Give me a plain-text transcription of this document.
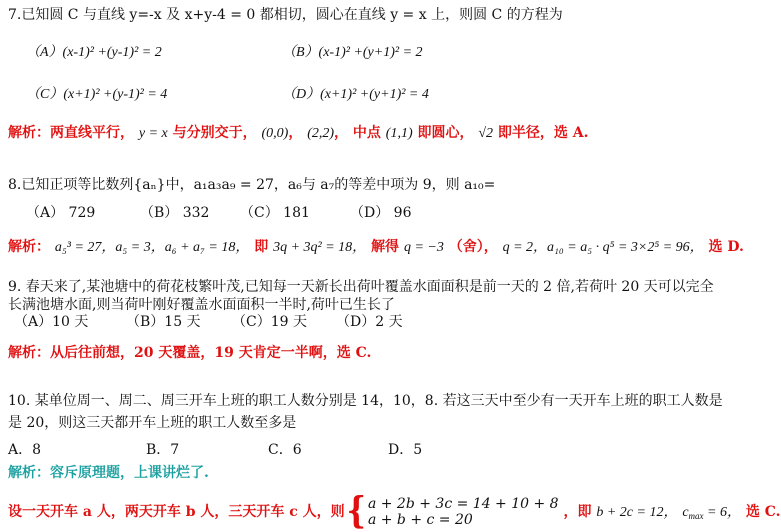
7.已知圆 C 与直线 y=-x 及 x+y-4 = 0 都相切，圆心在直线 y = x 上，则圆 C 的方程为
（A）(x-1)² +(y-1)² = 2	（B）(x-1)² +(y+1)² = 2
（C）(x+1)² +(y-1)² = 4	（D）(x+1)² +(y+1)² = 4
解析：两直线平行， y = x 与分别交于， (0,0)， (2,2)， 中点 (1,1) 即圆心， √2 即半径，选 A.
8.已知正项等比数列{aₙ}中，a₁a₃a₉ = 27，a₆与 a₇的等差中项为 9，则 a₁₀=
（A） 729	（B） 332 （C） 181	（D） 96
解析： a₅³ = 27，a₅ = 3，a₆ + a₇ = 18， 即 3q + 3q² = 18， 解得 q = −3 （舍）， q = 2，a₁₀ = a₅ · q⁵ = 3×2⁵ = 96， 选 D.
9. 春天来了,某池塘中的荷花枝繁叶茂,已知每一天新长出荷叶覆盖水面面积是前一天的 2 倍,若荷叶 20 天可以完全
长满池塘水面,则当荷叶刚好覆盖水面面积一半时,荷叶已生长了
（A）10 天	（B）15 天 （C）19 天 （D）2 天
解析：从后往前想，20 天覆盖，19 天肯定一半啊，选 C.
10. 某单位周一、周二、周三开车上班的职工人数分别是 14，10，8. 若这三天中至少有一天开车上班的职工人数是
是 20，则这三天都开车上班的职工人数至多是
A．8	B．7	C．6	D．5
解析：容斥原理题，上课讲烂了.
设一天开车 a 人，两天开车 b 人，三天开车 c 人，则{ a + 2b + 3c = 14 + 10 + 8
a + b + c = 20	，即 b + 2c = 12， $c_{max} = 6$， 选 C.
